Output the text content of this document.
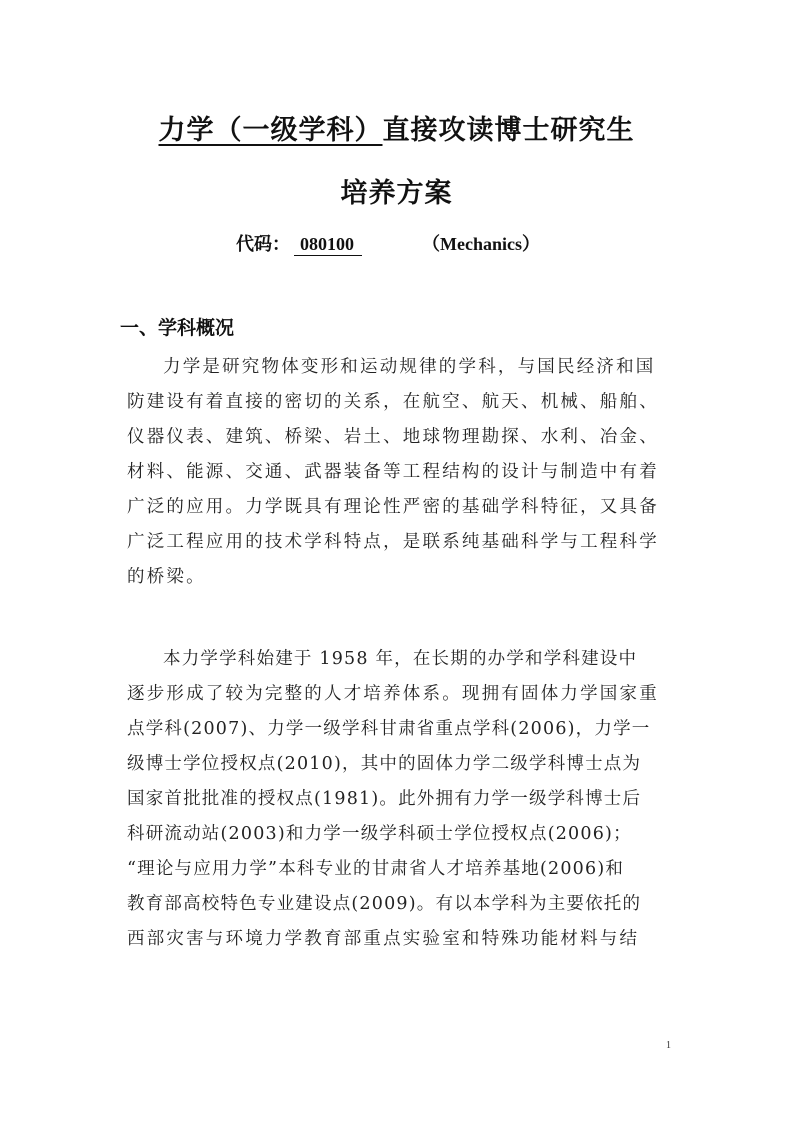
力学（一级学科）直接攻读博士研究生
培养方案
代码： 080100	（Mechanics）
一、学科概况
力学是研究物体变形和运动规律的学科，与国民经济和国
防建设有着直接的密切的关系，在航空、航天、机械、船舶、
仪器仪表、建筑、桥梁、岩土、地球物理勘探、水利、冶金、
材料、能源、交通、武器装备等工程结构的设计与制造中有着
广泛的应用。力学既具有理论性严密的基础学科特征，又具备
广泛工程应用的技术学科特点，是联系纯基础科学与工程科学
的桥梁。
本力学学科始建于 1958 年，在长期的办学和学科建设中
逐步形成了较为完整的人才培养体系。现拥有固体力学国家重
点学科(2007)、力学一级学科甘肃省重点学科(2006)，力学一
级博士学位授权点(2010)，其中的固体力学二级学科博士点为
国家首批批准的授权点(1981)。此外拥有力学一级学科博士后
科研流动站(2003)和力学一级学科硕士学位授权点(2006)；
“理论与应用力学”本科专业的甘肃省人才培养基地(2006)和
教育部高校特色专业建设点(2009)。有以本学科为主要依托的
西部灾害与环境力学教育部重点实验室和特殊功能材料与结
1
